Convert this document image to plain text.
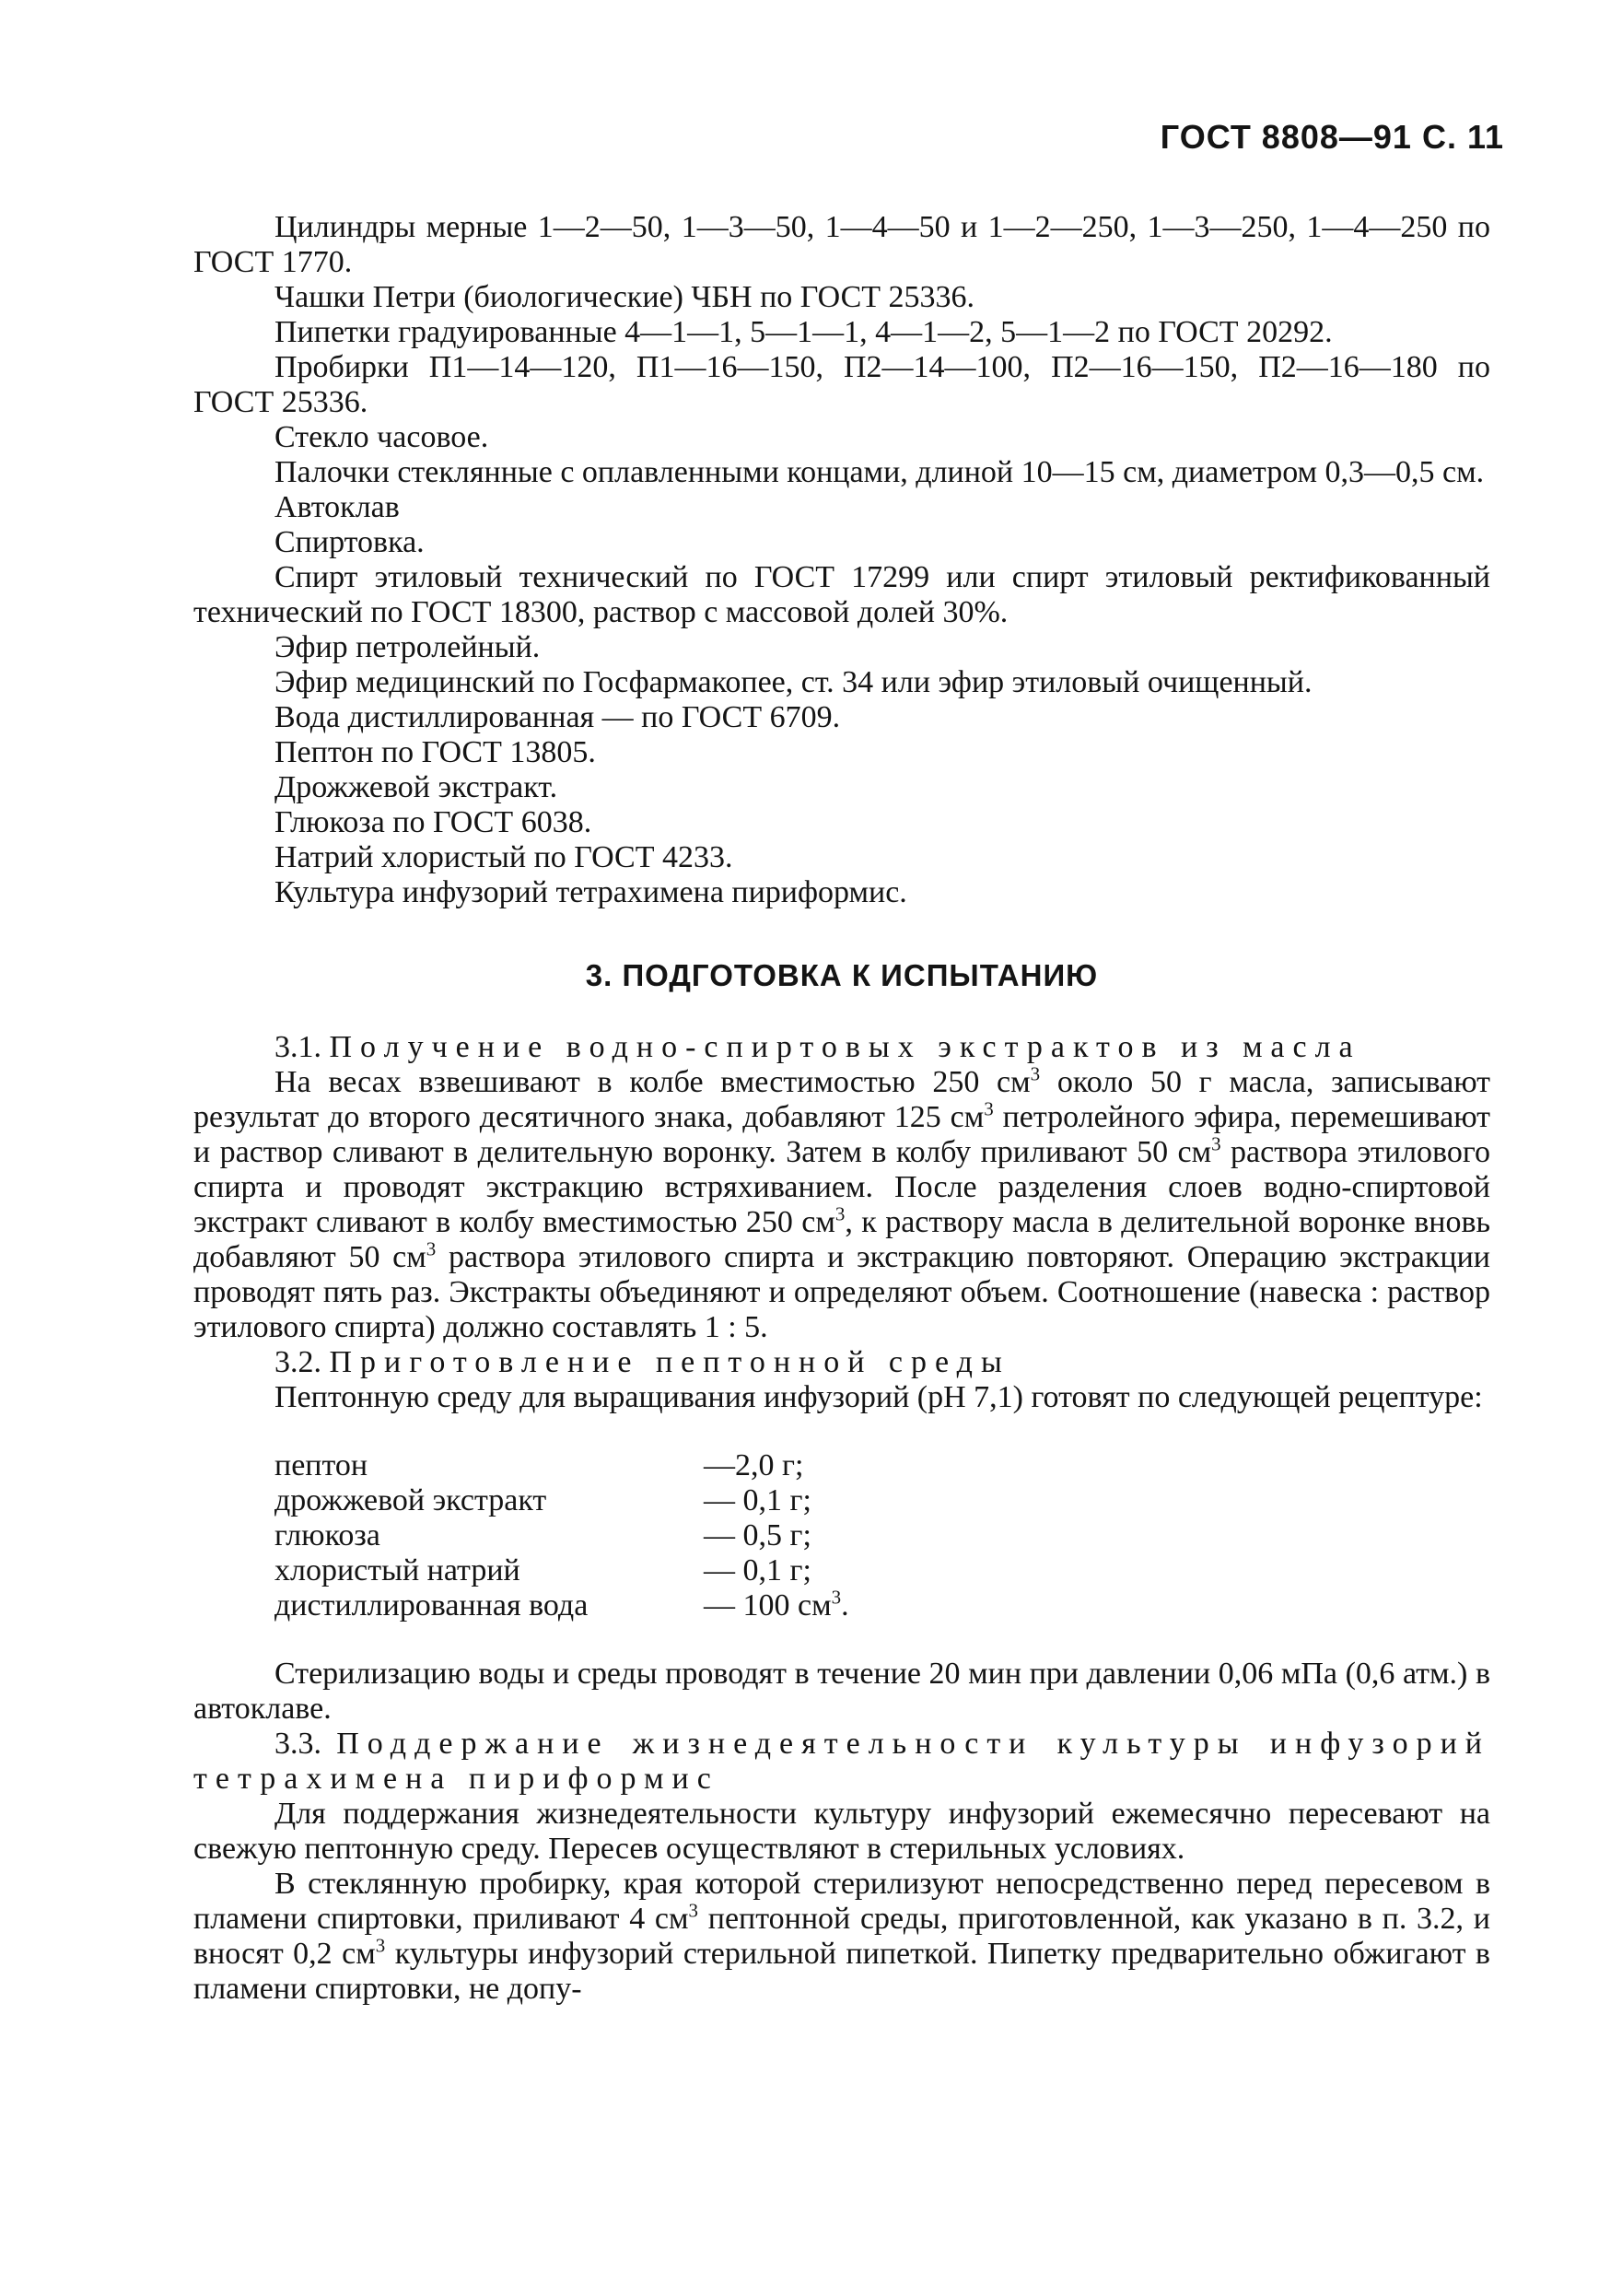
ГОСТ 8808—91 С. 11

Цилиндры мерные 1—2—50, 1—3—50, 1—4—50 и 1—2—250, 1—3—250, 1—4—250 по ГОСТ 1770.

Чашки Петри (биологические) ЧБН по ГОСТ 25336.

Пипетки градуированные 4—1—1, 5—1—1, 4—1—2, 5—1—2 по ГОСТ 20292.

Пробирки П1—14—120, П1—16—150, П2—14—100, П2—16—150, П2—16—180 по ГОСТ 25336.

Стекло часовое.

Палочки стеклянные с оплавленными концами, длиной 10—15 см, диаметром 0,3—0,5 см.

Автоклав

Спиртовка.

Спирт этиловый технический по ГОСТ 17299 или спирт этиловый ректификованный технический по ГОСТ 18300, раствор с массовой долей 30%.

Эфир петролейный.

Эфир медицинский по Госфармакопее, ст. 34 или эфир этиловый очищенный.

Вода дистиллированная — по ГОСТ 6709.

Пептон по ГОСТ 13805.

Дрожжевой экстракт.

Глюкоза по ГОСТ 6038.

Натрий хлористый по ГОСТ 4233.

Культура инфузорий тетрахимена пириформис.

3. ПОДГОТОВКА К ИСПЫТАНИЮ

3.1. Получение водно-спиртовых экстрактов из масла

На весах взвешивают в колбе вместимостью 250 $см^3$ около 50 г масла, записывают результат до второго десятичного знака, добавляют 125 $см^3$ петролейного эфира, перемешивают и раствор сливают в делительную воронку. Затем в колбу приливают 50 $см^3$ раствора этилового спирта и проводят экстракцию встряхиванием. После разделения слоев водно-спиртовой экстракт сливают в колбу вместимостью 250 $см^3$, к раствору масла в делительной воронке вновь добавляют 50 $см^3$ раствора этилового спирта и экстракцию повторяют. Операцию экстракции проводят пять раз. Экстракты объединяют и определяют объем. Соотношение (навеска : раствор этилового спирта) должно составлять 1 : 5.

3.2. Приготовление пептонной среды

Пептонную среду для выращивания инфузорий (pH 7,1) готовят по следующей рецептуре:

пептон	—2,0 г;
дрожжевой экстракт	— 0,1 г;
глюкоза	— 0,5 г;
хлористый натрий	— 0,1 г;
дистиллированная вода	— 100 $см^3$.

Стерилизацию воды и среды проводят в течение 20 мин при давлении 0,06 мПа (0,6 атм.) в автоклаве.

3.3. Поддержание жизнедеятельности культуры инфузорий тетрахимена пириформис

Для поддержания жизнедеятельности культуру инфузорий ежемесячно пересевают на свежую пептонную среду. Пересев осуществляют в стерильных условиях.

В стеклянную пробирку, края которой стерилизуют непосредственно перед пересевом в пламени спиртовки, приливают 4 $см^3$ пептонной среды, приготовленной, как указано в п. 3.2, и вносят 0,2 $см^3$ культуры инфузорий стерильной пипеткой. Пипетку предварительно обжигают в пламени спиртовки, не допу-
